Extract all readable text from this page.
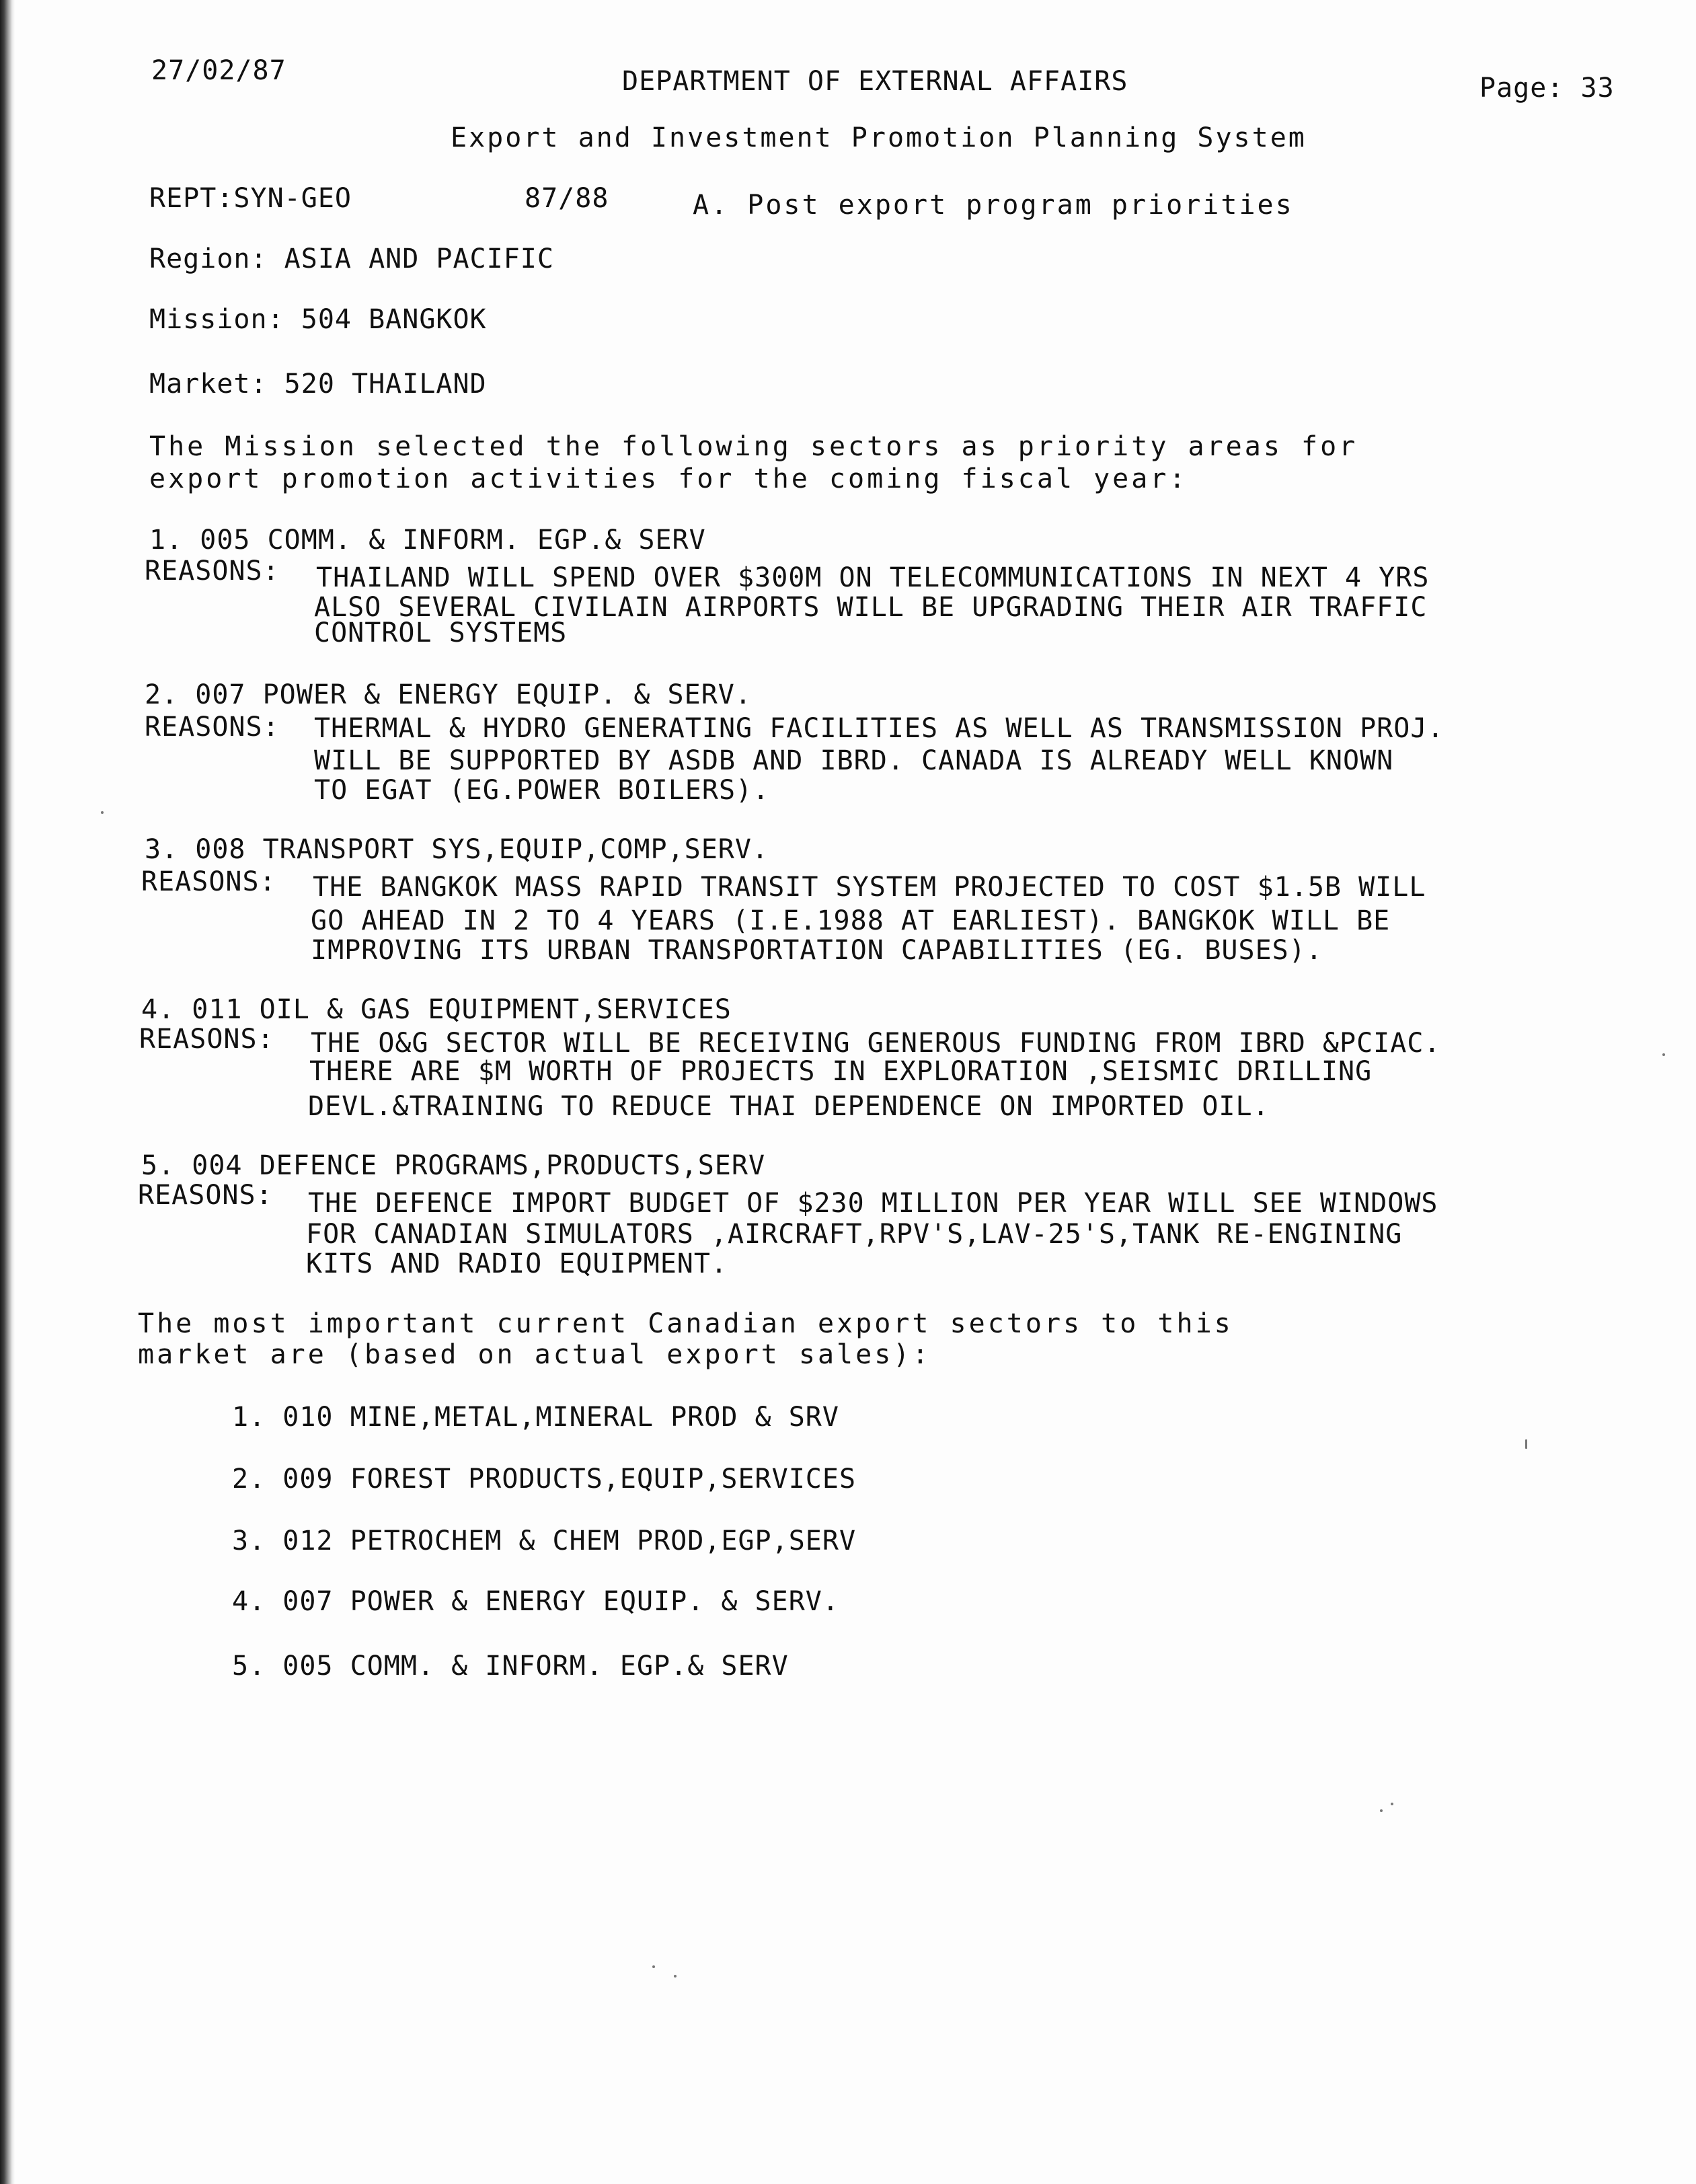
27/02/87	DEPARTMENT OF EXTERNAL AFFAIRS	Page: 33
Export and Investment Promotion Planning System
REPT:SYN-GEO	87/88	A. Post export program priorities
Region: ASIA AND PACIFIC
Mission: 504 BANGKOK
Market: 520 THAILAND
The Mission selected the following sectors as priority areas for
export promotion activities for the coming fiscal year:
1. 005 COMM. & INFORM. EGP.& SERV
REASONS: THAILAND WILL SPEND OVER $300M ON TELECOMMUNICATIONS IN NEXT 4 YRS
ALSO SEVERAL CIVILAIN AIRPORTS WILL BE UPGRADING THEIR AIR TRAFFIC
CONTROL SYSTEMS
2. 007 POWER & ENERGY EQUIP. & SERV.
REASONS: THERMAL & HYDRO GENERATING FACILITIES AS WELL AS TRANSMISSION PROJ.
WILL BE SUPPORTED BY ASDB AND IBRD. CANADA IS ALREADY WELL KNOWN
TO EGAT (EG.POWER BOILERS).
3. 008 TRANSPORT SYS,EQUIP,COMP,SERV.
REASONS: THE BANGKOK MASS RAPID TRANSIT SYSTEM PROJECTED TO COST $1.5B WILL
GO AHEAD IN 2 TO 4 YEARS (I.E.1988 AT EARLIEST). BANGKOK WILL BE
IMPROVING ITS URBAN TRANSPORTATION CAPABILITIES (EG. BUSES).
4. 011 OIL & GAS EQUIPMENT,SERVICES
REASONS: THE O&G SECTOR WILL BE RECEIVING GENEROUS FUNDING FROM IBRD &PCIAC.
THERE ARE $M WORTH OF PROJECTS IN EXPLORATION ,SEISMIC DRILLING
DEVL.&TRAINING TO REDUCE THAI DEPENDENCE ON IMPORTED OIL.
5. 004 DEFENCE PROGRAMS,PRODUCTS,SERV
REASONS: THE DEFENCE IMPORT BUDGET OF $230 MILLION PER YEAR WILL SEE WINDOWS
FOR CANADIAN SIMULATORS ,AIRCRAFT,RPV'S,LAV-25'S,TANK RE-ENGINING
KITS AND RADIO EQUIPMENT.
The most important current Canadian export sectors to this
market are (based on actual export sales):
1. 010 MINE,METAL,MINERAL PROD & SRV
2. 009 FOREST PRODUCTS,EQUIP,SERVICES
3. 012 PETROCHEM & CHEM PROD,EGP,SERV
4. 007 POWER & ENERGY EQUIP. & SERV.
5. 005 COMM. & INFORM. EGP.& SERV
